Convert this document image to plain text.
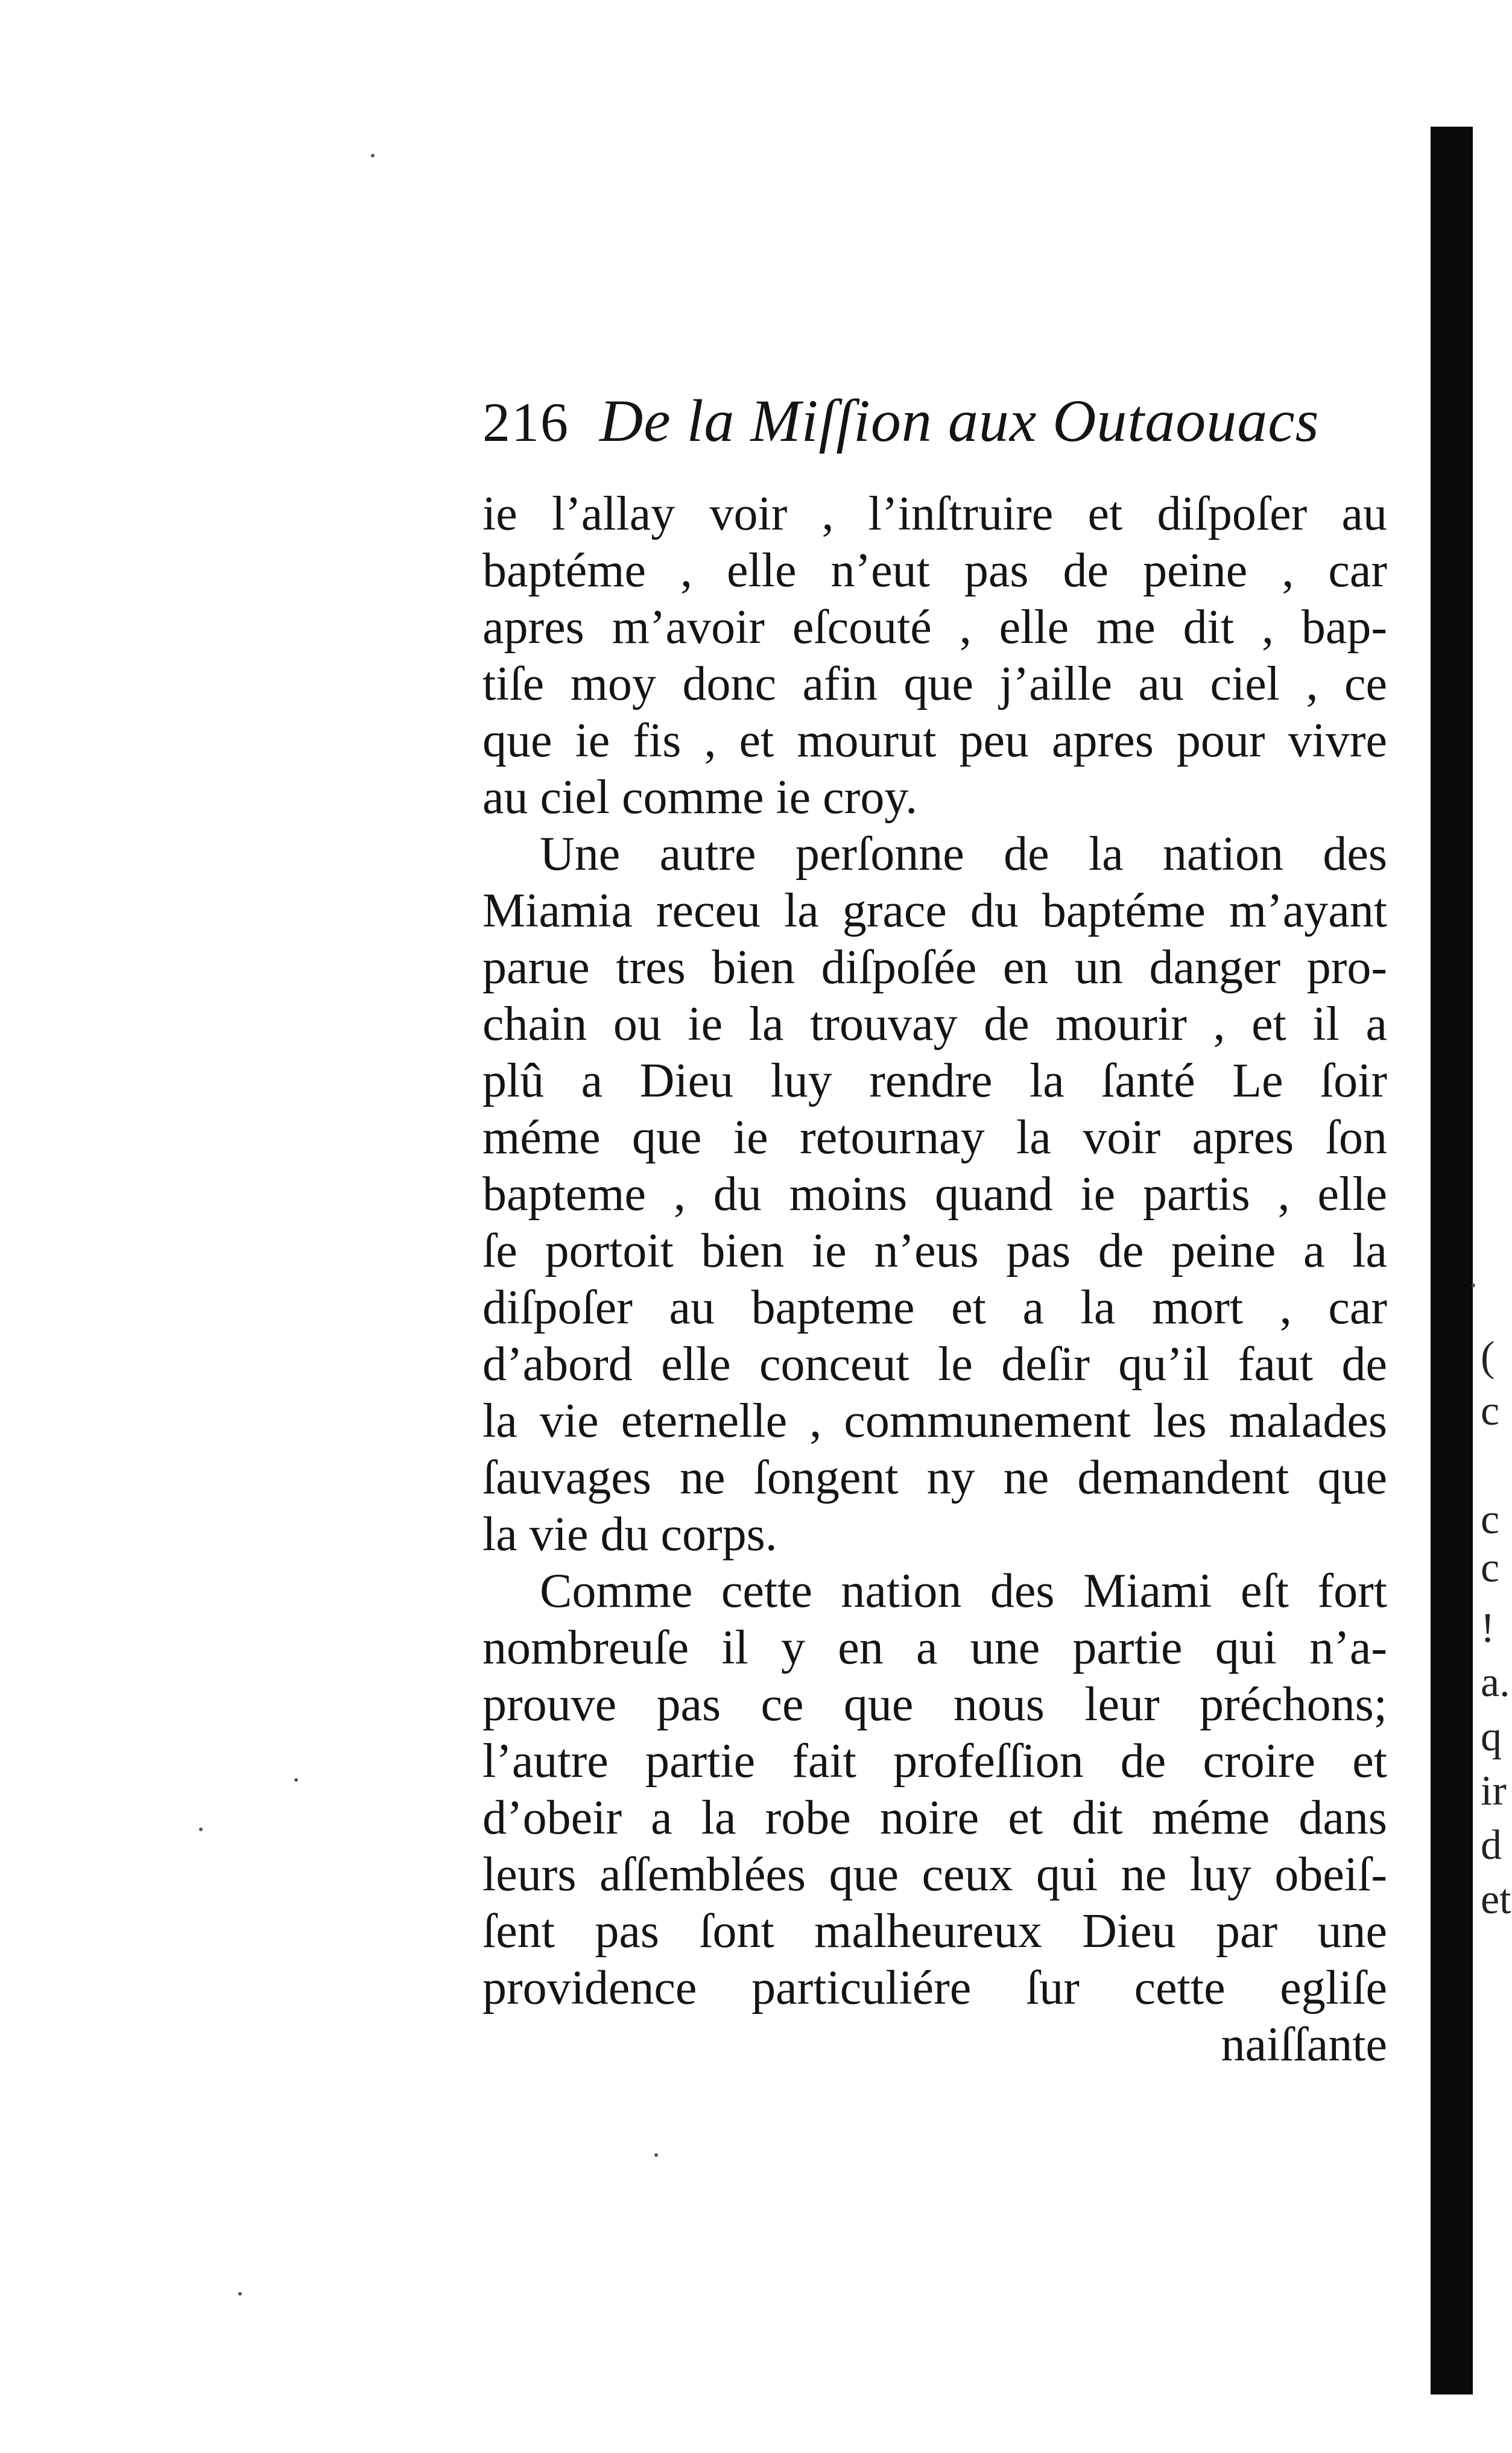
216 De la Miſſion aux Outaouacs
ie l’allay voir , l’inſtruire et diſpoſer au
baptéme , elle n’eut pas de peine , car
apres m’avoir eſcouté , elle me dit , bap-
tiſe moy donc afin que j’aille au ciel , ce
que ie fis , et mourut peu apres pour vivre
au ciel comme ie croy.
Une autre perſonne de la nation des
Miamia receu la grace du baptéme m’ayant
parue tres bien diſpoſée en un danger pro-
chain ou ie la trouvay de mourir , et il a
plû a Dieu luy rendre la ſanté Le ſoir
méme que ie retournay la voir apres ſon
bapteme , du moins quand ie partis , elle
ſe portoit bien ie n’eus pas de peine a la
diſpoſer au bapteme et a la mort , car
d’abord elle conceut le deſir qu’il faut de
la vie eternelle , communement les malades
ſauvages ne ſongent ny ne demandent que
la vie du corps.
Comme cette nation des Miami eſt fort
nombreuſe il y en a une partie qui n’a-
prouve pas ce que nous leur préchons;
l’autre partie fait profeſſion de croire et
d’obeir a la robe noire et dit méme dans
leurs aſſemblées que ceux qui ne luy obeiſ-
ſent pas ſont malheureux Dieu par une
providence particuliére ſur cette egliſe
naiſſante
(
c
c
c
!
a.
q
ir
d
et
